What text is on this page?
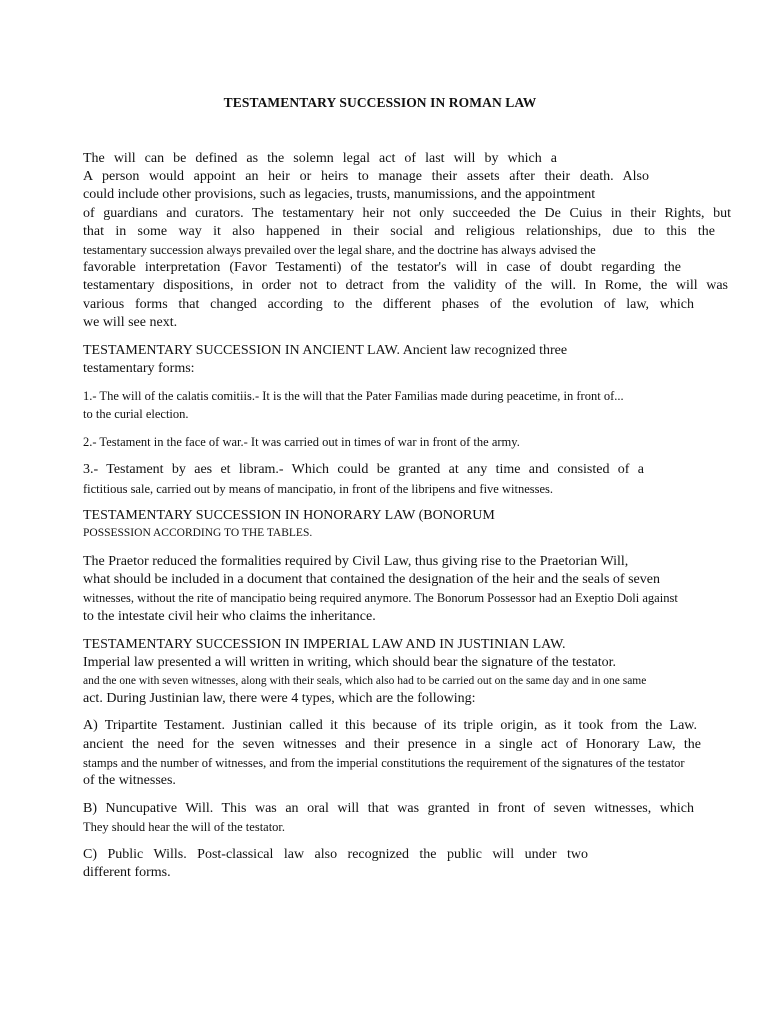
TESTAMENTARY SUCCESSION IN ROMAN LAW
The will can be defined as the solemn legal act of last will by which a
A person would appoint an heir or heirs to manage their assets after their death. Also
could include other provisions, such as legacies, trusts, manumissions, and the appointment
of guardians and curators. The testamentary heir not only succeeded the De Cuius in their Rights, but
that in some way it also happened in their social and religious relationships, due to this the
testamentary succession always prevailed over the legal share, and the doctrine has always advised the
favorable interpretation (Favor Testamenti) of the testator's will in case of doubt regarding the
testamentary dispositions, in order not to detract from the validity of the will. In Rome, the will was
various forms that changed according to the different phases of the evolution of law, which
we will see next.
TESTAMENTARY SUCCESSION IN ANCIENT LAW. Ancient law recognized three
testamentary forms:
1.- The will of the calatis comitiis.- It is the will that the Pater Familias made during peacetime, in front of...
to the curial election.
2.- Testament in the face of war.- It was carried out in times of war in front of the army.
3.- Testament by aes et libram.- Which could be granted at any time and consisted of a
fictitious sale, carried out by means of mancipatio, in front of the libripens and five witnesses.
TESTAMENTARY SUCCESSION IN HONORARY LAW (BONORUM
POSSESSION ACCORDING TO THE TABLES.
The Praetor reduced the formalities required by Civil Law, thus giving rise to the Praetorian Will,
what should be included in a document that contained the designation of the heir and the seals of seven
witnesses, without the rite of mancipatio being required anymore. The Bonorum Possessor had an Exeptio Doli against
to the intestate civil heir who claims the inheritance.
TESTAMENTARY SUCCESSION IN IMPERIAL LAW AND IN JUSTINIAN LAW.
Imperial law presented a will written in writing, which should bear the signature of the testator.
and the one with seven witnesses, along with their seals, which also had to be carried out on the same day and in one same
act. During Justinian law, there were 4 types, which are the following:
A) Tripartite Testament. Justinian called it this because of its triple origin, as it took from the Law.
ancient the need for the seven witnesses and their presence in a single act of Honorary Law, the
stamps and the number of witnesses, and from the imperial constitutions the requirement of the signatures of the testator
of the witnesses.
B) Nuncupative Will. This was an oral will that was granted in front of seven witnesses, which
They should hear the will of the testator.
C) Public Wills. Post-classical law also recognized the public will under two
different forms.
